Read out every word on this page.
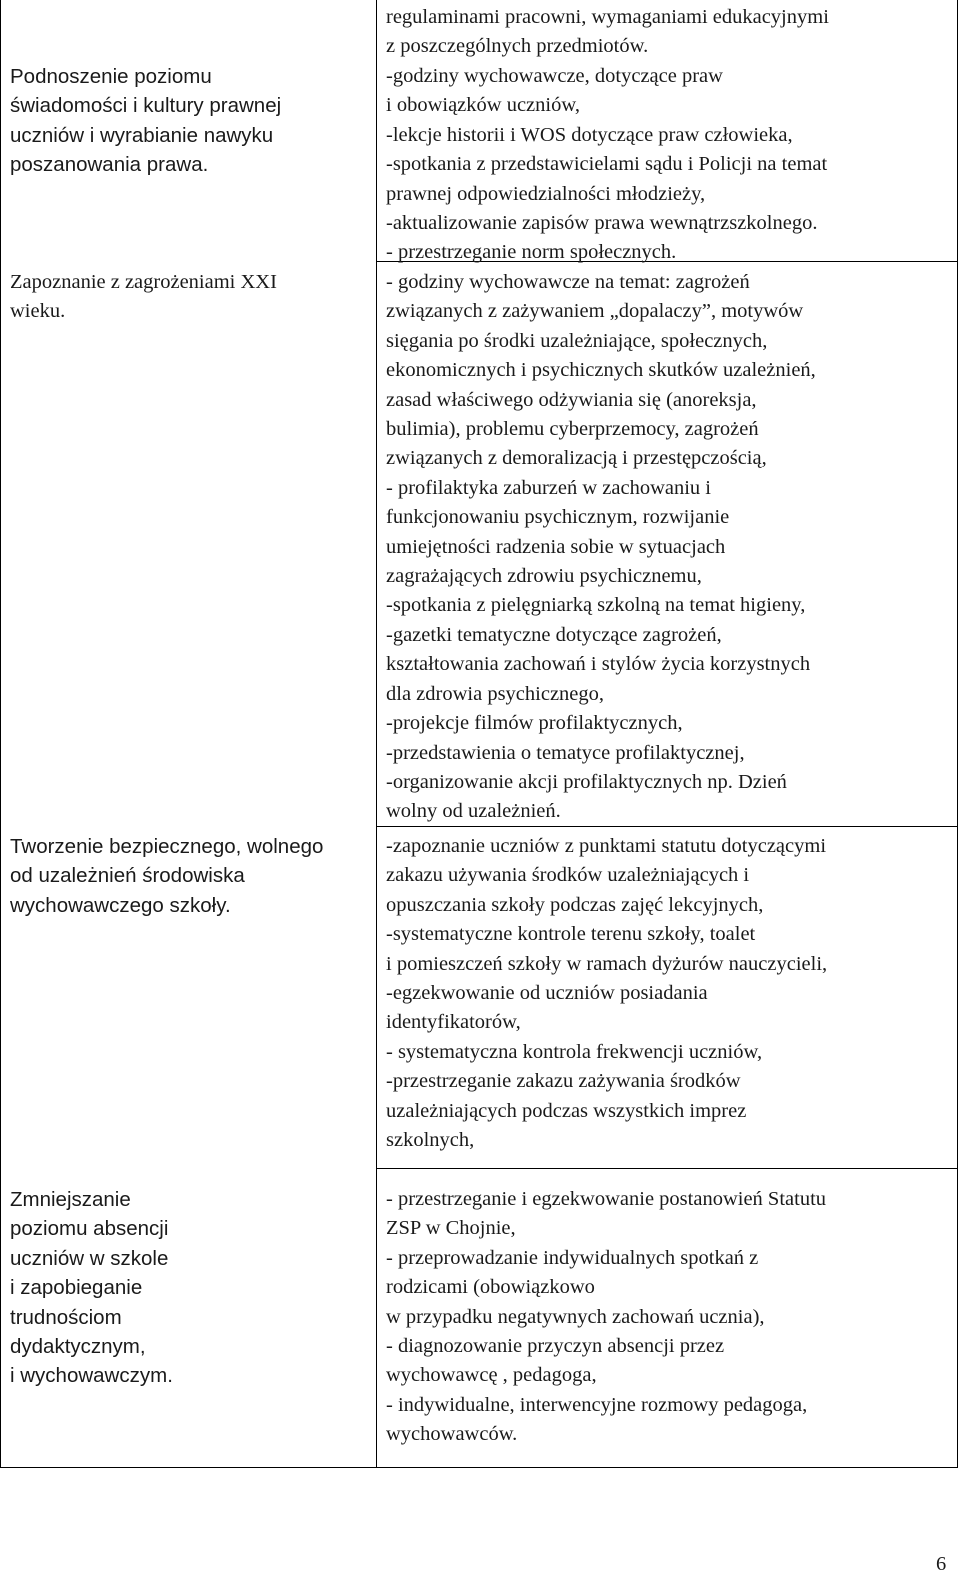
regulaminami pracowni, wymaganiami edukacyjnymi
z poszczególnych przedmiotów.

Podnoszenie poziomu
świadomości i kultury prawnej
uczniów i wyrabianie nawyku
poszanowania prawa.

-godziny wychowawcze, dotyczące praw
i obowiązków uczniów,
-lekcje historii i WOS dotyczące praw człowieka,
-spotkania z przedstawicielami sądu i Policji na temat
prawnej odpowiedzialności młodzieży,
-aktualizowanie zapisów prawa wewnątrzszkolnego.
- przestrzeganie norm społecznych.

Zapoznanie z zagrożeniami XXI
wieku.

- godziny wychowawcze na temat: zagrożeń
związanych z zażywaniem „dopalaczy”, motywów
sięgania po środki uzależniające, społecznych,
ekonomicznych i psychicznych skutków uzależnień,
zasad właściwego odżywiania się (anoreksja,
bulimia), problemu cyberprzemocy, zagrożeń
związanych z demoralizacją i przestępczością,
- profilaktyka zaburzeń w zachowaniu i
funkcjonowaniu psychicznym, rozwijanie
umiejętności radzenia sobie w sytuacjach
zagrażających zdrowiu psychicznemu,
-spotkania z pielęgniarką szkolną na temat higieny,
-gazetki tematyczne dotyczące zagrożeń,
kształtowania zachowań i stylów życia korzystnych
dla zdrowia psychicznego,
-projekcje filmów profilaktycznych,
-przedstawienia o tematyce profilaktycznej,
-organizowanie akcji profilaktycznych np. Dzień
wolny od uzależnień.

Tworzenie bezpiecznego, wolnego
od uzależnień środowiska
wychowawczego szkoły.

-zapoznanie uczniów z punktami statutu dotyczącymi
zakazu używania środków uzależniających i
opuszczania szkoły podczas zajęć lekcyjnych,
-systematyczne kontrole terenu szkoły, toalet
i pomieszczeń szkoły w ramach dyżurów nauczycieli,
-egzekwowanie od uczniów posiadania
identyfikatorów,
- systematyczna kontrola frekwencji uczniów,
-przestrzeganie zakazu zażywania środków
uzależniających podczas wszystkich imprez
szkolnych,

Zmniejszanie
poziomu absencji
uczniów w szkole
i zapobieganie
trudnościom
dydaktycznym,
i wychowawczym.

- przestrzeganie i egzekwowanie postanowień Statutu
ZSP w Chojnie,
- przeprowadzanie indywidualnych spotkań z
rodzicami (obowiązkowo
w przypadku negatywnych zachowań ucznia),
- diagnozowanie przyczyn absencji przez
wychowawcę , pedagoga,
- indywidualne, interwencyjne rozmowy pedagoga,
wychowawców.

6
